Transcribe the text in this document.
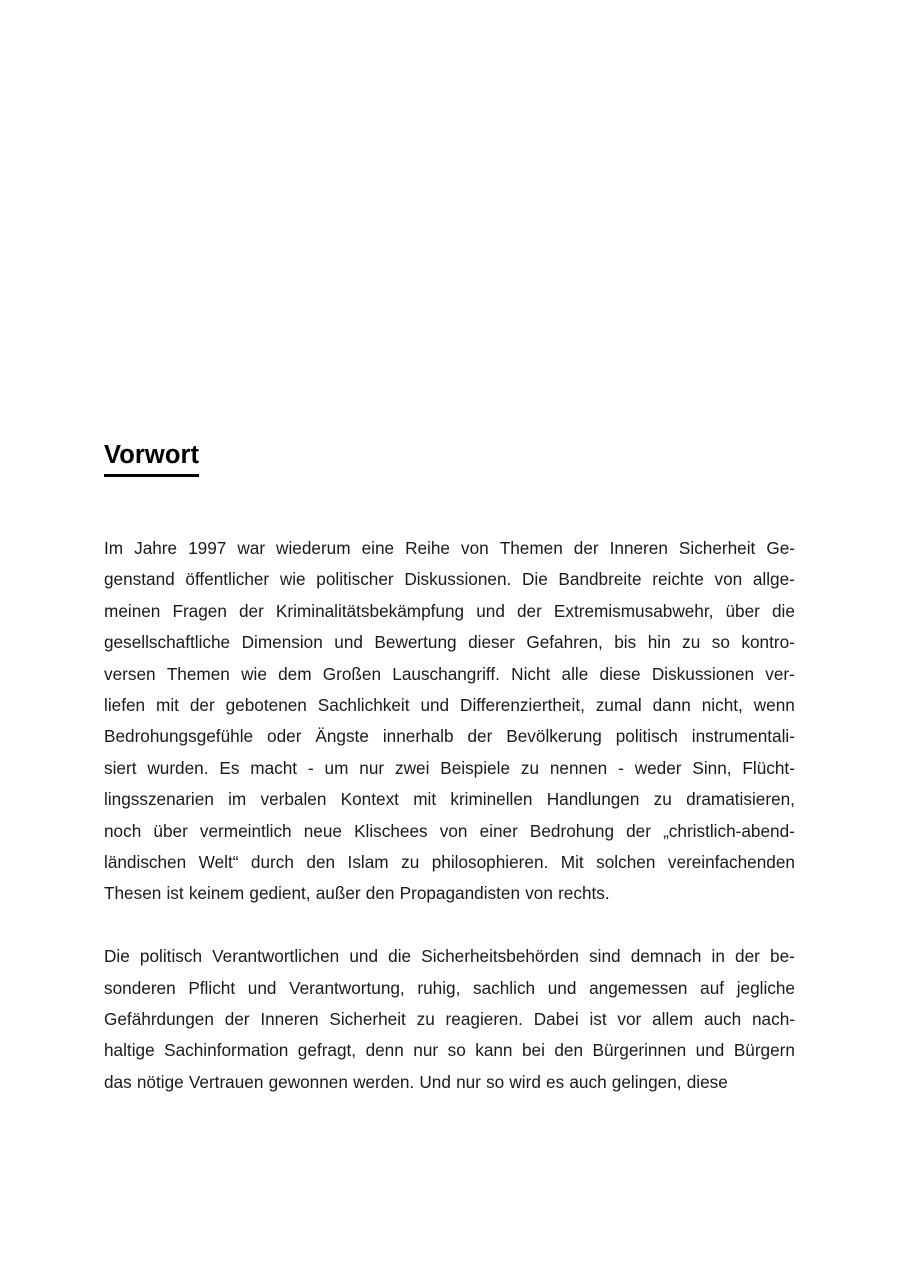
Vorwort

Im Jahre 1997 war wiederum eine Reihe von Themen der Inneren Sicherheit Ge-
genstand öffentlicher wie politischer Diskussionen. Die Bandbreite reichte von allge-
meinen Fragen der Kriminalitätsbekämpfung und der Extremismusabwehr, über die
gesellschaftliche Dimension und Bewertung dieser Gefahren, bis hin zu so kontro-
versen Themen wie dem Großen Lauschangriff. Nicht alle diese Diskussionen ver-
liefen mit der gebotenen Sachlichkeit und Differenziertheit, zumal dann nicht, wenn
Bedrohungsgefühle oder Ängste innerhalb der Bevölkerung politisch instrumentali-
siert wurden. Es macht - um nur zwei Beispiele zu nennen - weder Sinn, Flücht-
lingsszenarien im verbalen Kontext mit kriminellen Handlungen zu dramatisieren,
noch über vermeintlich neue Klischees von einer Bedrohung der „christlich-abend-
ländischen Welt“ durch den Islam zu philosophieren. Mit solchen vereinfachenden
Thesen ist keinem gedient, außer den Propagandisten von rechts.

Die politisch Verantwortlichen und die Sicherheitsbehörden sind demnach in der be-
sonderen Pflicht und Verantwortung, ruhig, sachlich und angemessen auf jegliche
Gefährdungen der Inneren Sicherheit zu reagieren. Dabei ist vor allem auch nach-
haltige Sachinformation gefragt, denn nur so kann bei den Bürgerinnen und Bürgern
das nötige Vertrauen gewonnen werden. Und nur so wird es auch gelingen, diese
